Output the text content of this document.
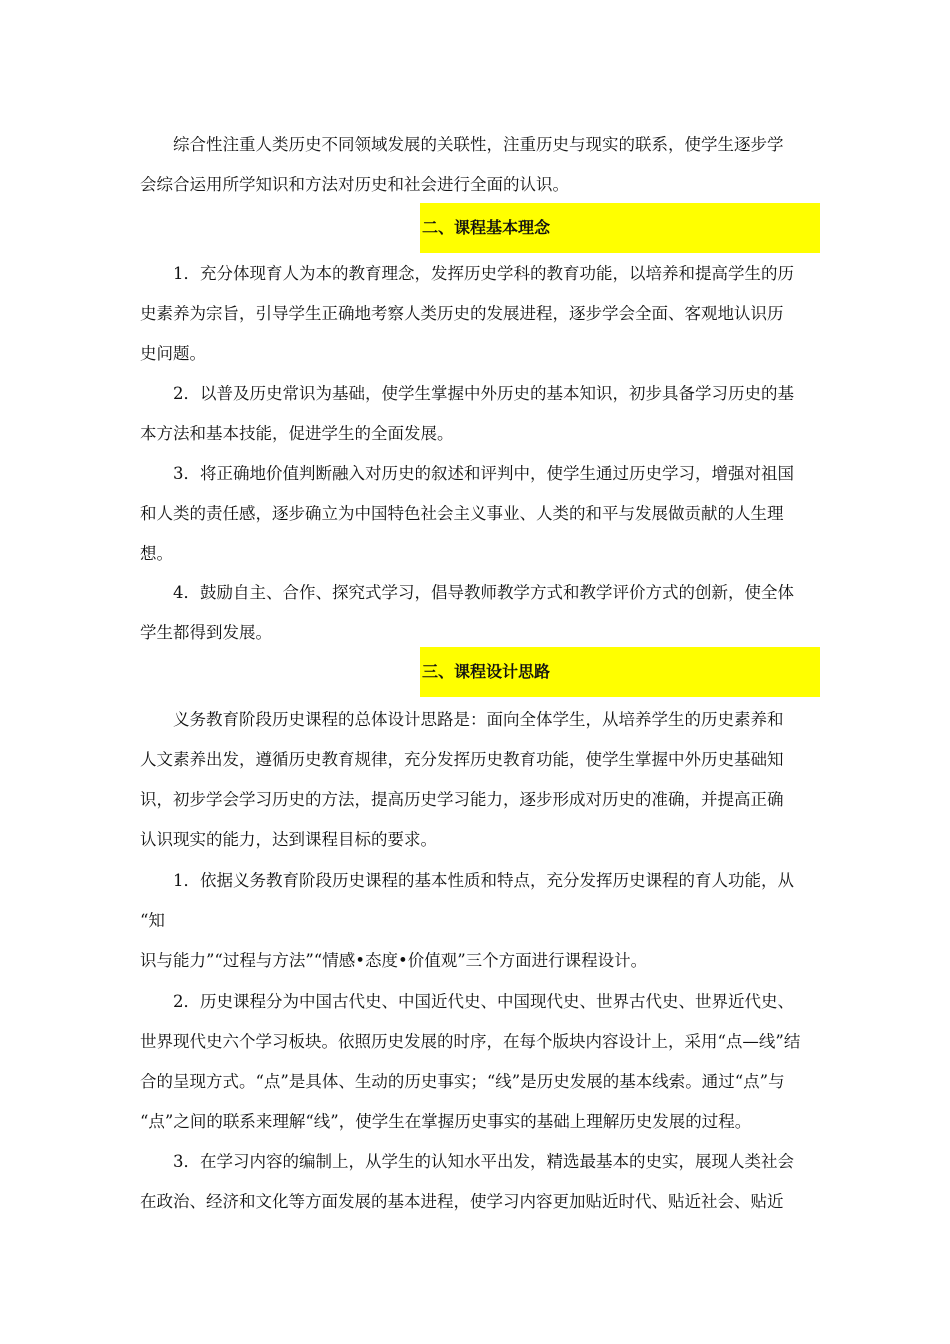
综合性注重人类历史不同领域发展的关联性，注重历史与现实的联系，使学生逐步学
会综合运用所学知识和方法对历史和社会进行全面的认识。

二、课程基本理念

1．充分体现育人为本的教育理念，发挥历史学科的教育功能，以培养和提高学生的历
史素养为宗旨，引导学生正确地考察人类历史的发展进程，逐步学会全面、客观地认识历
史问题。

2．以普及历史常识为基础，使学生掌握中外历史的基本知识，初步具备学习历史的基
本方法和基本技能，促进学生的全面发展。

3．将正确地价值判断融入对历史的叙述和评判中，使学生通过历史学习，增强对祖国
和人类的责任感，逐步确立为中国特色社会主义事业、人类的和平与发展做贡献的人生理
想。

4．鼓励自主、合作、探究式学习，倡导教师教学方式和教学评价方式的创新，使全体
学生都得到发展。

三、课程设计思路

义务教育阶段历史课程的总体设计思路是：面向全体学生，从培养学生的历史素养和
人文素养出发，遵循历史教育规律，充分发挥历史教育功能，使学生掌握中外历史基础知
识，初步学会学习历史的方法，提高历史学习能力，逐步形成对历史的准确，并提高正确
认识现实的能力，达到课程目标的要求。

1．依据义务教育阶段历史课程的基本性质和特点，充分发挥历史课程的育人功能，从
“知
识与能力”“过程与方法”“情感•态度•价值观”三个方面进行课程设计。

2．历史课程分为中国古代史、中国近代史、中国现代史、世界古代史、世界近代史、
世界现代史六个学习板块。依照历史发展的时序，在每个版块内容设计上，采用“点—线”结
合的呈现方式。“点”是具体、生动的历史事实；“线”是历史发展的基本线索。通过“点”与
“点”之间的联系来理解“线”，使学生在掌握历史事实的基础上理解历史发展的过程。

3．在学习内容的编制上，从学生的认知水平出发，精选最基本的史实，展现人类社会
在政治、经济和文化等方面发展的基本进程，使学习内容更加贴近时代、贴近社会、贴近
